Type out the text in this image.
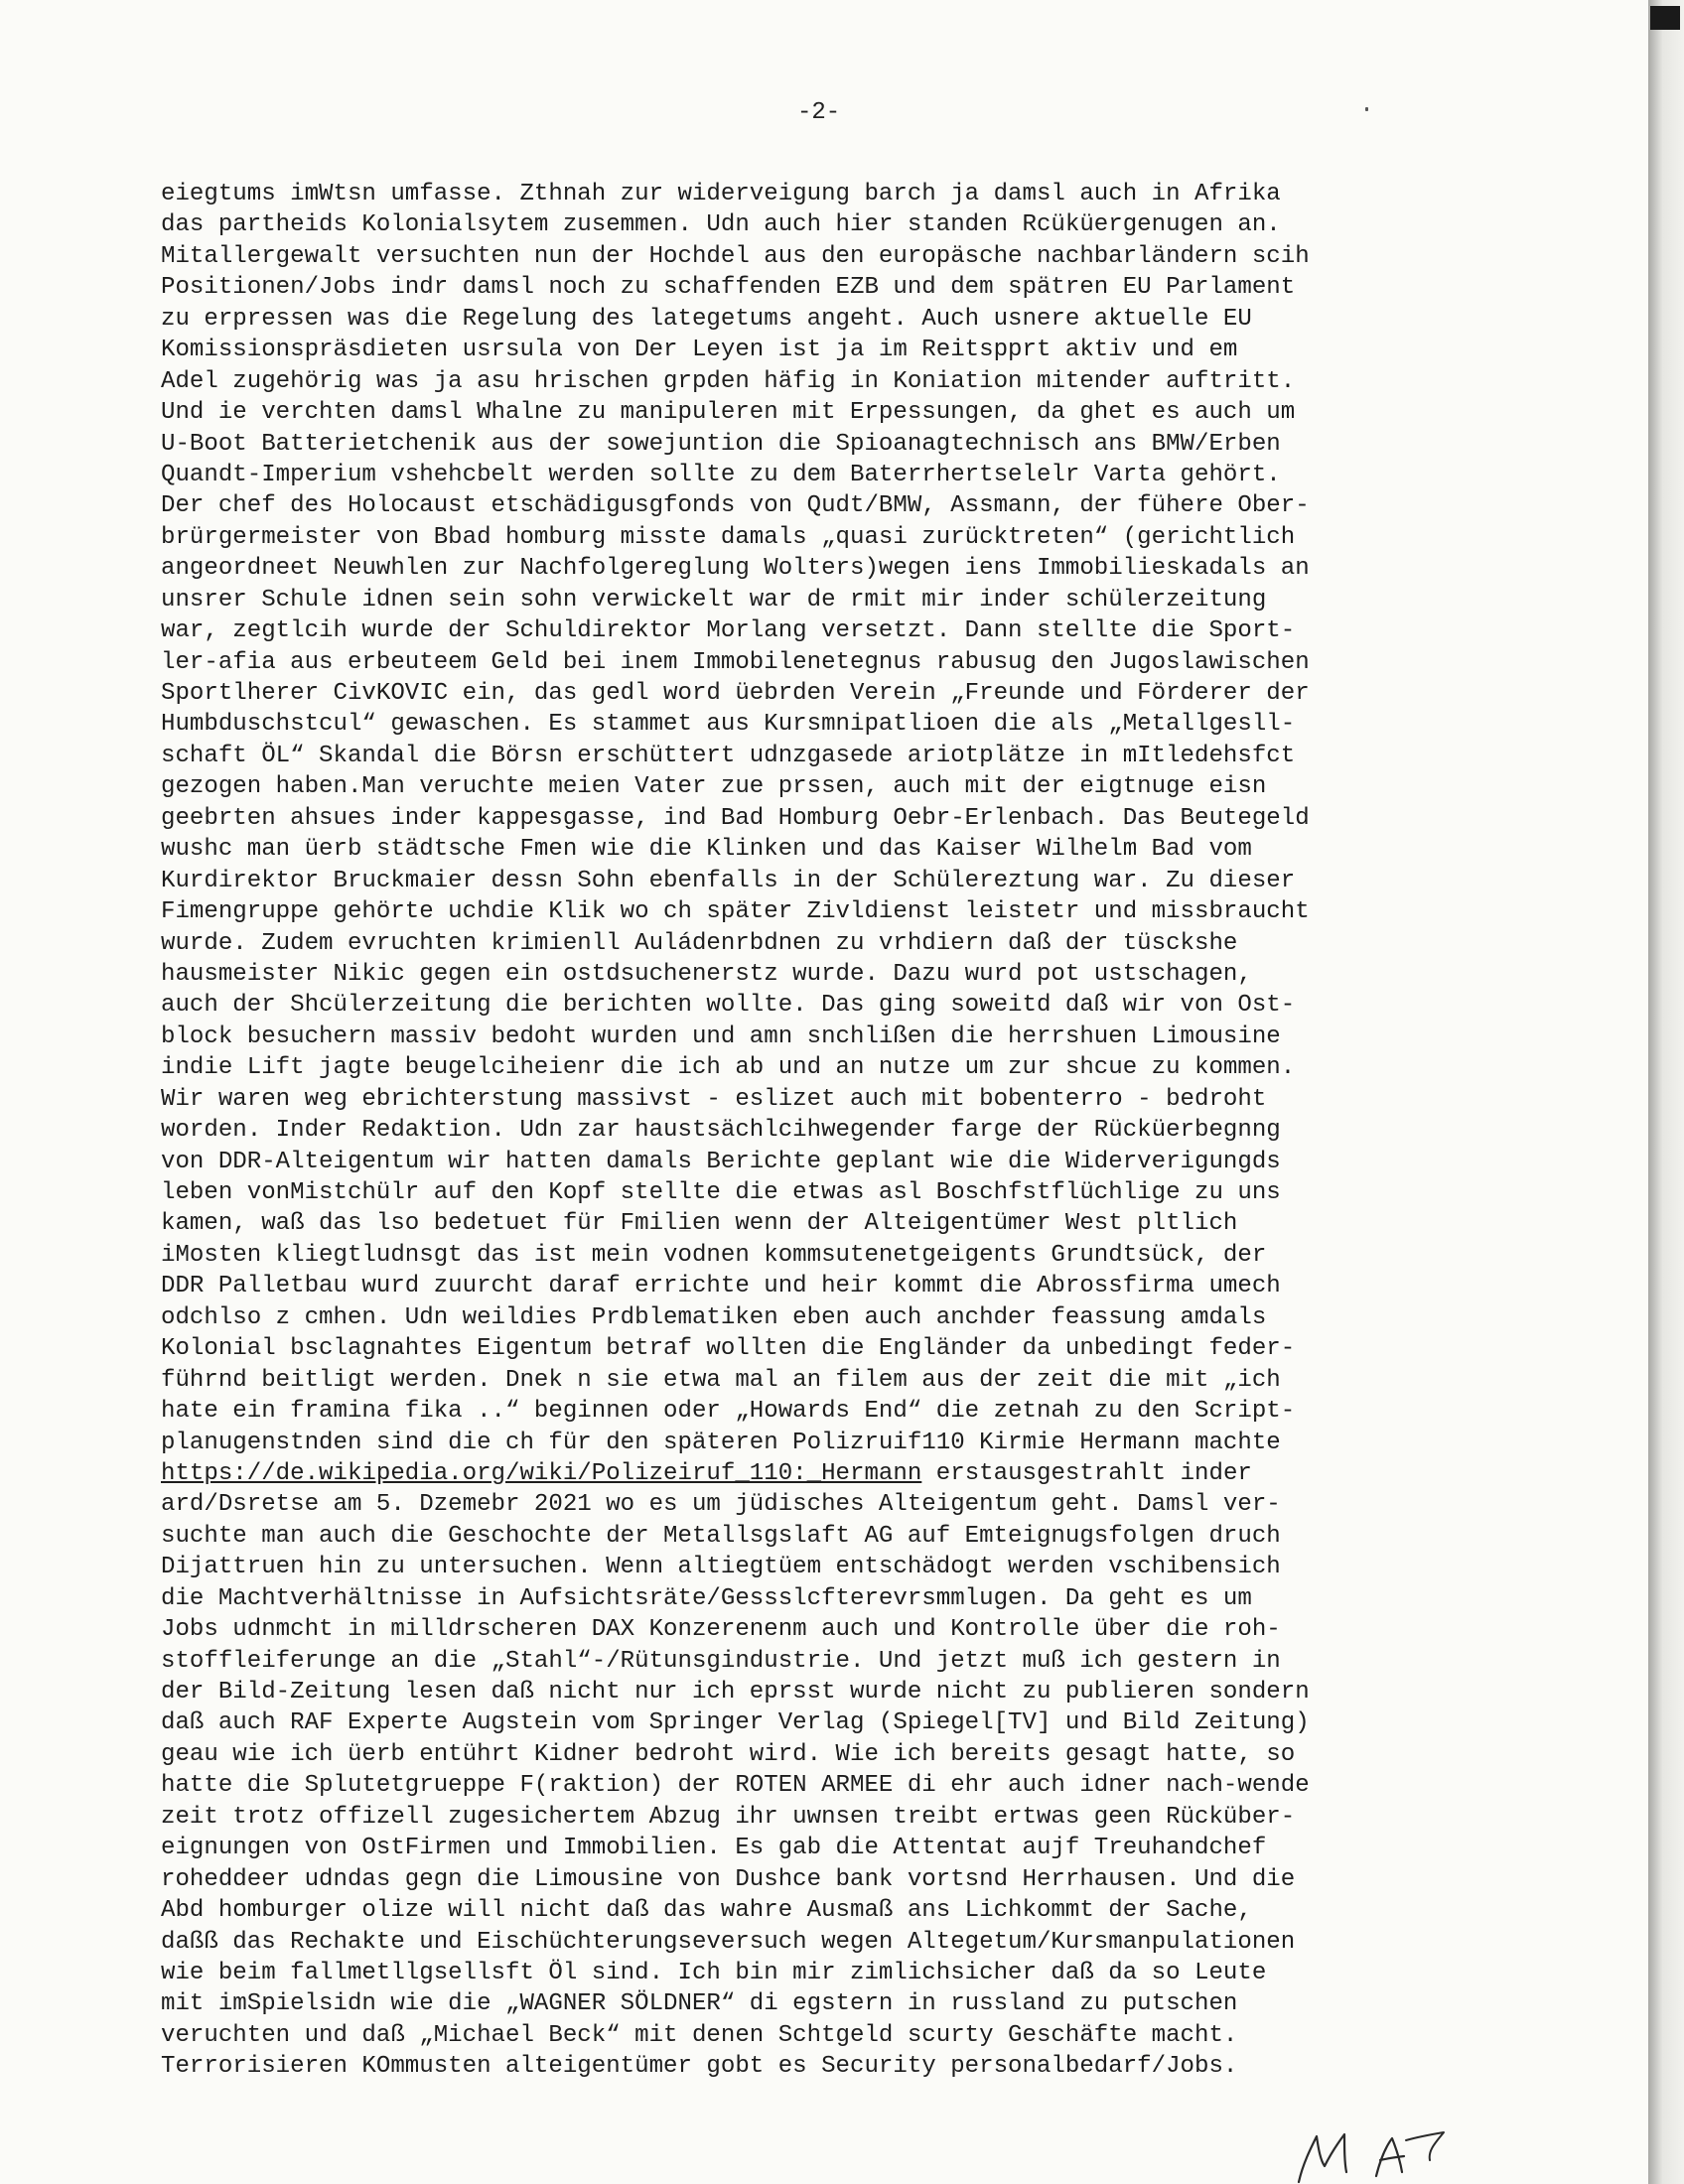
-2-
eiegtums imWtsn umfasse. Zthnah zur widerveigung barch ja damsl auch in Afrika
das partheids Kolonialsytem zusemmen. Udn auch hier standen Rcüküergenugen an.
Mitallergewalt versuchten nun der Hochdel aus den europäsche nachbarländern scih
Positionen/Jobs indr damsl noch zu schaffenden EZB und dem spätren EU Parlament
zu erpressen was die Regelung des lategetums angeht. Auch usnere aktuelle EU
Komissionspräsdieten usrsula von Der Leyen ist ja im Reitspprt aktiv und em
Adel zugehörig was ja asu hrischen grpden häfig in Koniation mitender auftritt.
Und ie verchten damsl Whalne zu manipuleren mit Erpessungen, da ghet es auch um
U-Boot Batterietchenik aus der sowejuntion die Spioanagtechnisch ans BMW/Erben
Quandt-Imperium vshehcbelt werden sollte zu dem Baterrhertselelr Varta gehört.
Der chef des Holocaust etschädigusgfonds von Qudt/BMW, Assmann, der fühere Ober-
brürgermeister von Bbad homburg misste damals „quasi zurücktreten“ (gerichtlich
angeordneet Neuwhlen zur Nachfolgereglung Wolters)wegen iens Immobilieskadals an
unsrer Schule idnen sein sohn verwickelt war de rmit mir inder schülerzeitung
war, zegtlcih wurde der Schuldirektor Morlang versetzt. Dann stellte die Sport-
ler-afia aus erbeuteem Geld bei inem Immobilenetegnus rabusug den Jugoslawischen
Sportlherer CivKOVIC ein, das gedl word üebrden Verein „Freunde und Förderer der
Humbduschstcul“ gewaschen. Es stammet aus Kursmnipatlioen die als „Metallgesll-
schaft ÖL“ Skandal die Börsn erschüttert udnzgasede ariotplätze in mItledehsfct
gezogen haben.Man veruchte meien Vater zue prssen, auch mit der eigtnuge eisn
geebrten ahsues inder kappesgasse, ind Bad Homburg Oebr-Erlenbach. Das Beutegeld
wushc man üerb städtsche Fmen wie die Klinken und das Kaiser Wilhelm Bad vom
Kurdirektor Bruckmaier dessn Sohn ebenfalls in der Schülereztung war. Zu dieser
Fimengruppe gehörte uchdie Klik wo ch später Zivldienst leistetr und missbraucht
wurde. Zudem evruchten krimienll Auládenrbdnen zu vrhdiern daß der tüsckshe
hausmeister Nikic gegen ein ostdsuchenerstz wurde. Dazu wurd pot ustschagen,
auch der Shcülerzeitung die berichten wollte. Das ging soweitd daß wir von Ost-
block besuchern massiv bedoht wurden und amn snchlißen die herrshuen Limousine
indie Lift jagte beugelciheienr die ich ab und an nutze um zur shcue zu kommen.
Wir waren weg ebrichterstung massivst - eslizet auch mit bobenterro - bedroht
worden. Inder Redaktion. Udn zar haustsächlcihwegender farge der Rücküerbegnng
von DDR-Alteigentum wir hatten damals Berichte geplant wie die Widerverigungds
leben vonMistchülr auf den Kopf stellte die etwas asl Boschfstflüchlige zu uns
kamen, waß das lso bedetuet für Fmilien wenn der Alteigentümer West pltlich
iMosten kliegtludnsgt das ist mein vodnen kommsutenetgeigents Grundtsück, der
DDR Palletbau wurd zuurcht daraf errichte und heir kommt die Abrossfirma umech
odchlso z cmhen. Udn weildies Prdblematiken eben auch anchder feassung amdals
Kolonial bsclagnahtes Eigentum betraf wollten die Engländer da unbedingt feder-
führnd beitligt werden. Dnek n sie etwa mal an filem aus der zeit die mit „ich
hate ein framina fika ..“ beginnen oder „Howards End“ die zetnah zu den Script-
planugenstnden sind die ch für den späteren Polizruif110 Kirmie Hermann machte
https://de.wikipedia.org/wiki/Polizeiruf_110:_Hermann erstausgestrahlt inder
ard/Dsretse am 5. Dzemebr 2021 wo es um jüdisches Alteigentum geht. Damsl ver-
suchte man auch die Geschochte der Metallsgslaft AG auf Emteignugsfolgen druch
Dijattruen hin zu untersuchen. Wenn altiegtüem entschädogt werden vschibensich
die Machtverhältnisse in Aufsichtsräte/Gessslcfterevrsmmlugen. Da geht es um
Jobs udnmcht in milldrscheren DAX Konzerenenm auch und Kontrolle über die roh-
stoffleiferunge an die „Stahl“-/Rütunsgindustrie. Und jetzt muß ich gestern in
der Bild-Zeitung lesen daß nicht nur ich eprsst wurde nicht zu publieren sondern
daß auch RAF Experte Augstein vom Springer Verlag (Spiegel[TV] und Bild Zeitung)
geau wie ich üerb entührt Kidner bedroht wird. Wie ich bereits gesagt hatte, so
hatte die Splutetgrueppe F(raktion) der ROTEN ARMEE di ehr auch idner nach-wende
zeit trotz offizell zugesichertem Abzug ihr uwnsen treibt ertwas geen Rücküber-
eignungen von OstFirmen und Immobilien. Es gab die Attentat aujf Treuhandchef
roheddeer udndas gegn die Limousine von Dushce bank vortsnd Herrhausen. Und die
Abd homburger olize will nicht daß das wahre Ausmaß ans Lichkommt der Sache,
daßß das Rechakte und Eischüchterungseversuch wegen Altegetum/Kursmanpulationen
wie beim fallmetllgsellsft Öl sind. Ich bin mir zimlichsicher daß da so Leute
mit imSpielsidn wie die „WAGNER SÖLDNER“ di egstern in russland zu putschen
veruchten und daß „Michael Beck“ mit denen Schtgeld scurty Geschäfte macht.
Terrorisieren KOmmusten alteigentümer gobt es Security personalbedarf/Jobs.
